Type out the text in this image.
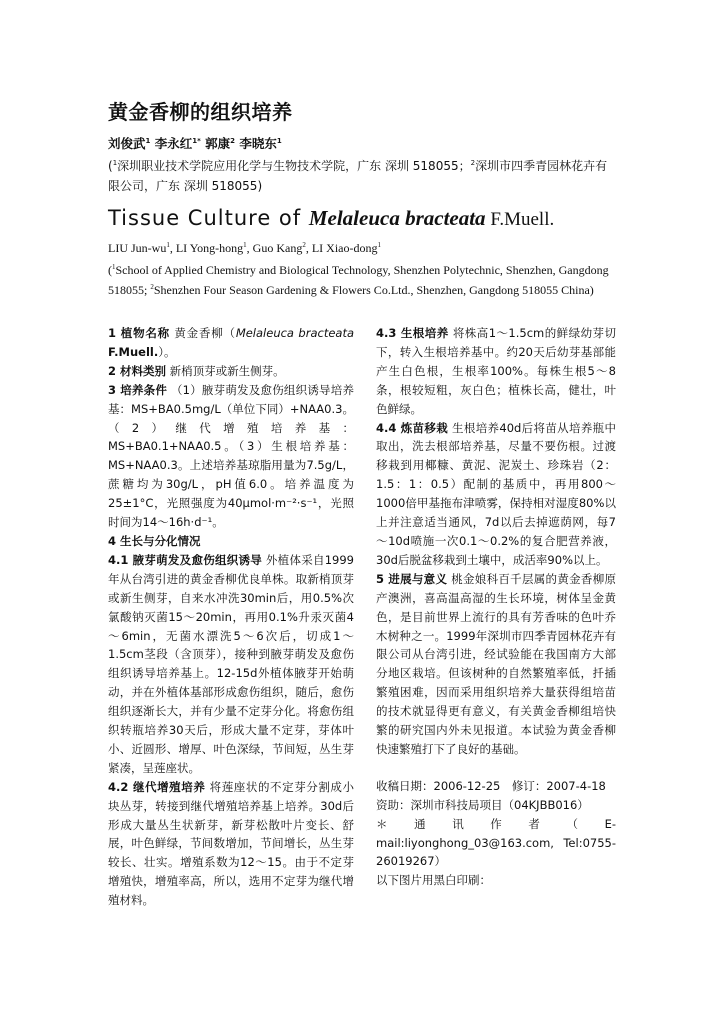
黄金香柳的组织培养
刘俊武$^1$ 李永红$^{1*}$ 郭康$^2$ 李晓东$^1$
($^1$深圳职业技术学院应用化学与生物技术学院，广东 深圳 518055；$^2$深圳市四季青园林花卉有限公司，广东 深圳 518055)
Tissue Culture of Melaleuca bracteata F.Muell.
LIU Jun-$wu^1$, LI Yong-hong$^1$, Guo Kang$^2$, LI Xiao-dong$^1$
($^1$School of Applied Chemistry and Biological Technology, Shenzhen Polytechnic, Shenzhen, Gangdong 518055; $^2$Shenzhen Four Season Gardening & Flowers Co.Ltd., Shenzhen, Gangdong 518055 China)

1 植物名称 黄金香柳（Melaleuca bracteata F.Muell.）。

2 材料类别 新梢顶芽或新生侧芽。

3 培养条件 （1）腋芽萌发及愈伤组织诱导培养基：MS+BA0.5mg/L（单位下同）+NAA0.3。（2）继代增殖培养基：MS+BA0.1+NAA0.5。（3）生根培养基：MS+NAA0.3。上述培养基琼脂用量为7.5g/L，蔗糖均为30g/L，pH值6.0。培养温度为25±1°C，光照强度为40μmol·m⁻²·s⁻¹，光照时间为14～16h·d⁻¹。

4 生长与分化情况

4.1 腋芽萌发及愈伤组织诱导 外植体采自1999年从台湾引进的黄金香柳优良单株。取新梢顶芽或新生侧芽，自来水冲洗30min后，用0.5%次氯酸钠灭菌15～20min，再用0.1%升汞灭菌4～6min，无菌水漂洗5～6次后，切成1～1.5cm茎段（含顶芽），接种到腋芽萌发及愈伤组织诱导培养基上。12-15d外植体腋芽开始萌动，并在外植体基部形成愈伤组织，随后，愈伤组织逐渐长大，并有少量不定芽分化。将愈伤组织转瓶培养30天后，形成大量不定芽，芽体叶小、近圆形、增厚、叶色深绿，节间短，丛生芽紧凑，呈莲座状。

4.2 继代增殖培养 将莲座状的不定芽分割成小块丛芽，转接到继代增殖培养基上培养。30d后形成大量丛生状新芽，新芽松散叶片变长、舒展，叶色鲜绿，节间数增加，节间增长，丛生芽较长、壮实。增殖系数为12～15。由于不定芽增殖快，增殖率高，所以，选用不定芽为继代增殖材料。

4.3 生根培养 将株高1～1.5cm的鲜绿幼芽切下，转入生根培养基中。约20天后幼芽基部能产生白色根，生根率100%。每株生根5～8条，根较短粗，灰白色；植株长高，健壮，叶色鲜绿。

4.4 炼苗移栽 生根培养40d后将苗从培养瓶中取出，洗去根部培养基，尽量不要伤根。过渡移栽到用椰糠、黄泥、泥炭土、珍珠岩（2：1.5：1：0.5）配制的基质中，再用800～1000倍甲基拖布津喷雾，保持相对湿度80%以上并注意适当通风，7d以后去掉遮荫网，每7～10d喷施一次0.1～0.2%的复合肥营养液，30d后脱盆移栽到土壤中，成活率90%以上。

5 进展与意义 桃金娘科百千层属的黄金香柳原产澳洲，喜高温高湿的生长环境，树体呈金黄色，是目前世界上流行的具有芳香味的色叶乔木树种之一。1999年深圳市四季青园林花卉有限公司从台湾引进，经试验能在我国南方大部分地区栽培。但该树种的自然繁殖率低，扦插繁殖困难，因而采用组织培养大量获得组培苗的技术就显得更有意义，有关黄金香柳组培快繁的研究国内外未见报道。本试验为黄金香柳快速繁殖打下了良好的基础。

收稿日期：2006-12-25　修订：2007-4-18

资助：深圳市科技局项目（04KJBB016）

＊通讯作者（E-mail:liyonghong_03@163.com, Tel:0755-26019267）

以下图片用黑白印刷：
